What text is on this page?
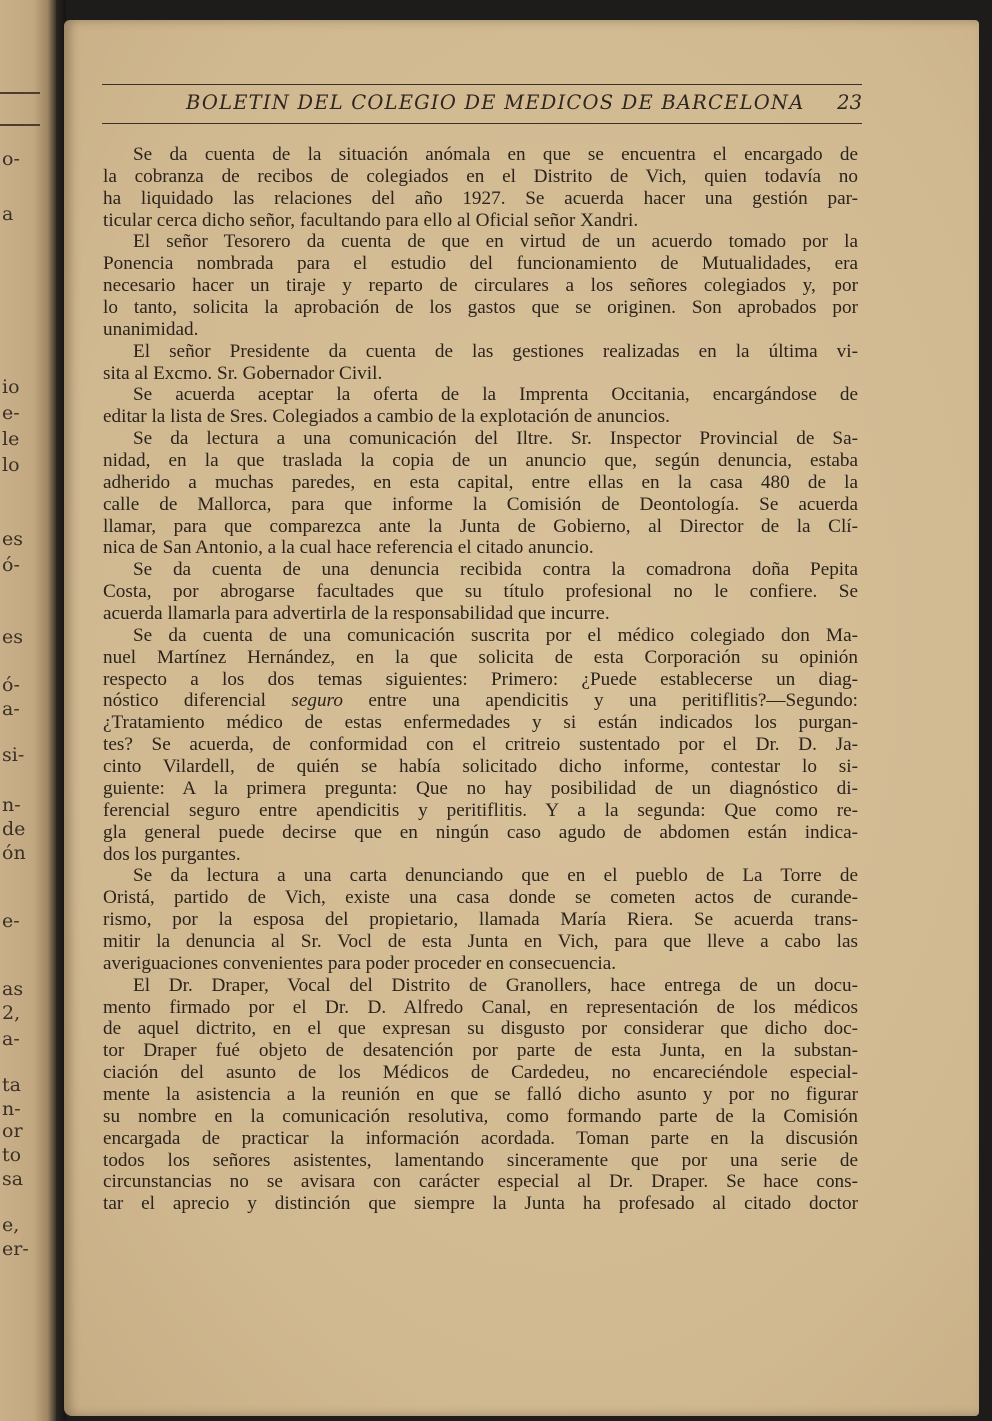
o-
a
io
e-
le
lo
es
ó-
es
ó-
a-
si-
n-
de
ón
e-
as
2,
a-
ta
n-
or
to
sa
e,
er-
BOLETIN DEL COLEGIO DE MEDICOS DE BARCELONA 23
Se da cuenta de la situación anómala en que se encuentra el encargado de
la cobranza de recibos de colegiados en el Distrito de Vich, quien todavía no
ha liquidado las relaciones del año 1927. Se acuerda hacer una gestión par-
ticular cerca dicho señor, facultando para ello al Oficial señor Xandri.
El señor Tesorero da cuenta de que en virtud de un acuerdo tomado por la
Ponencia nombrada para el estudio del funcionamiento de Mutualidades, era
necesario hacer un tiraje y reparto de circulares a los señores colegiados y, por
lo tanto, solicita la aprobación de los gastos que se originen. Son aprobados por
unanimidad.
El señor Presidente da cuenta de las gestiones realizadas en la última vi-
sita al Excmo. Sr. Gobernador Civil.
Se acuerda aceptar la oferta de la Imprenta Occitania, encargándose de
editar la lista de Sres. Colegiados a cambio de la explotación de anuncios.
Se da lectura a una comunicación del Iltre. Sr. Inspector Provincial de Sa-
nidad, en la que traslada la copia de un anuncio que, según denuncia, estaba
adherido a muchas paredes, en esta capital, entre ellas en la casa 480 de la
calle de Mallorca, para que informe la Comisión de Deontología. Se acuerda
llamar, para que comparezca ante la Junta de Gobierno, al Director de la Clí-
nica de San Antonio, a la cual hace referencia el citado anuncio.
Se da cuenta de una denuncia recibida contra la comadrona doña Pepita
Costa, por abrogarse facultades que su título profesional no le confiere. Se
acuerda llamarla para advertirla de la responsabilidad que incurre.
Se da cuenta de una comunicación suscrita por el médico colegiado don Ma-
nuel Martínez Hernández, en la que solicita de esta Corporación su opinión
respecto a los dos temas siguientes: Primero: ¿Puede establecerse un diag-
nóstico diferencial seguro entre una apendicitis y una peritiflitis?—Segundo:
¿Tratamiento médico de estas enfermedades y si están indicados los purgan-
tes? Se acuerda, de conformidad con el critreio sustentado por el Dr. D. Ja-
cinto Vilardell, de quién se había solicitado dicho informe, contestar lo si-
guiente: A la primera pregunta: Que no hay posibilidad de un diagnóstico di-
ferencial seguro entre apendicitis y peritiflitis. Y a la segunda: Que como re-
gla general puede decirse que en ningún caso agudo de abdomen están indica-
dos los purgantes.
Se da lectura a una carta denunciando que en el pueblo de La Torre de
Oristá, partido de Vich, existe una casa donde se cometen actos de curande-
rismo, por la esposa del propietario, llamada María Riera. Se acuerda trans-
mitir la denuncia al Sr. Vocl de esta Junta en Vich, para que lleve a cabo las
averiguaciones convenientes para poder proceder en consecuencia.
El Dr. Draper, Vocal del Distrito de Granollers, hace entrega de un docu-
mento firmado por el Dr. D. Alfredo Canal, en representación de los médicos
de aquel dictrito, en el que expresan su disgusto por considerar que dicho doc-
tor Draper fué objeto de desatención por parte de esta Junta, en la substan-
ciación del asunto de los Médicos de Cardedeu, no encareciéndole especial-
mente la asistencia a la reunión en que se falló dicho asunto y por no figurar
su nombre en la comunicación resolutiva, como formando parte de la Comisión
encargada de practicar la información acordada. Toman parte en la discusión
todos los señores asistentes, lamentando sinceramente que por una serie de
circunstancias no se avisara con carácter especial al Dr. Draper. Se hace cons-
tar el aprecio y distinción que siempre la Junta ha profesado al citado doctor
